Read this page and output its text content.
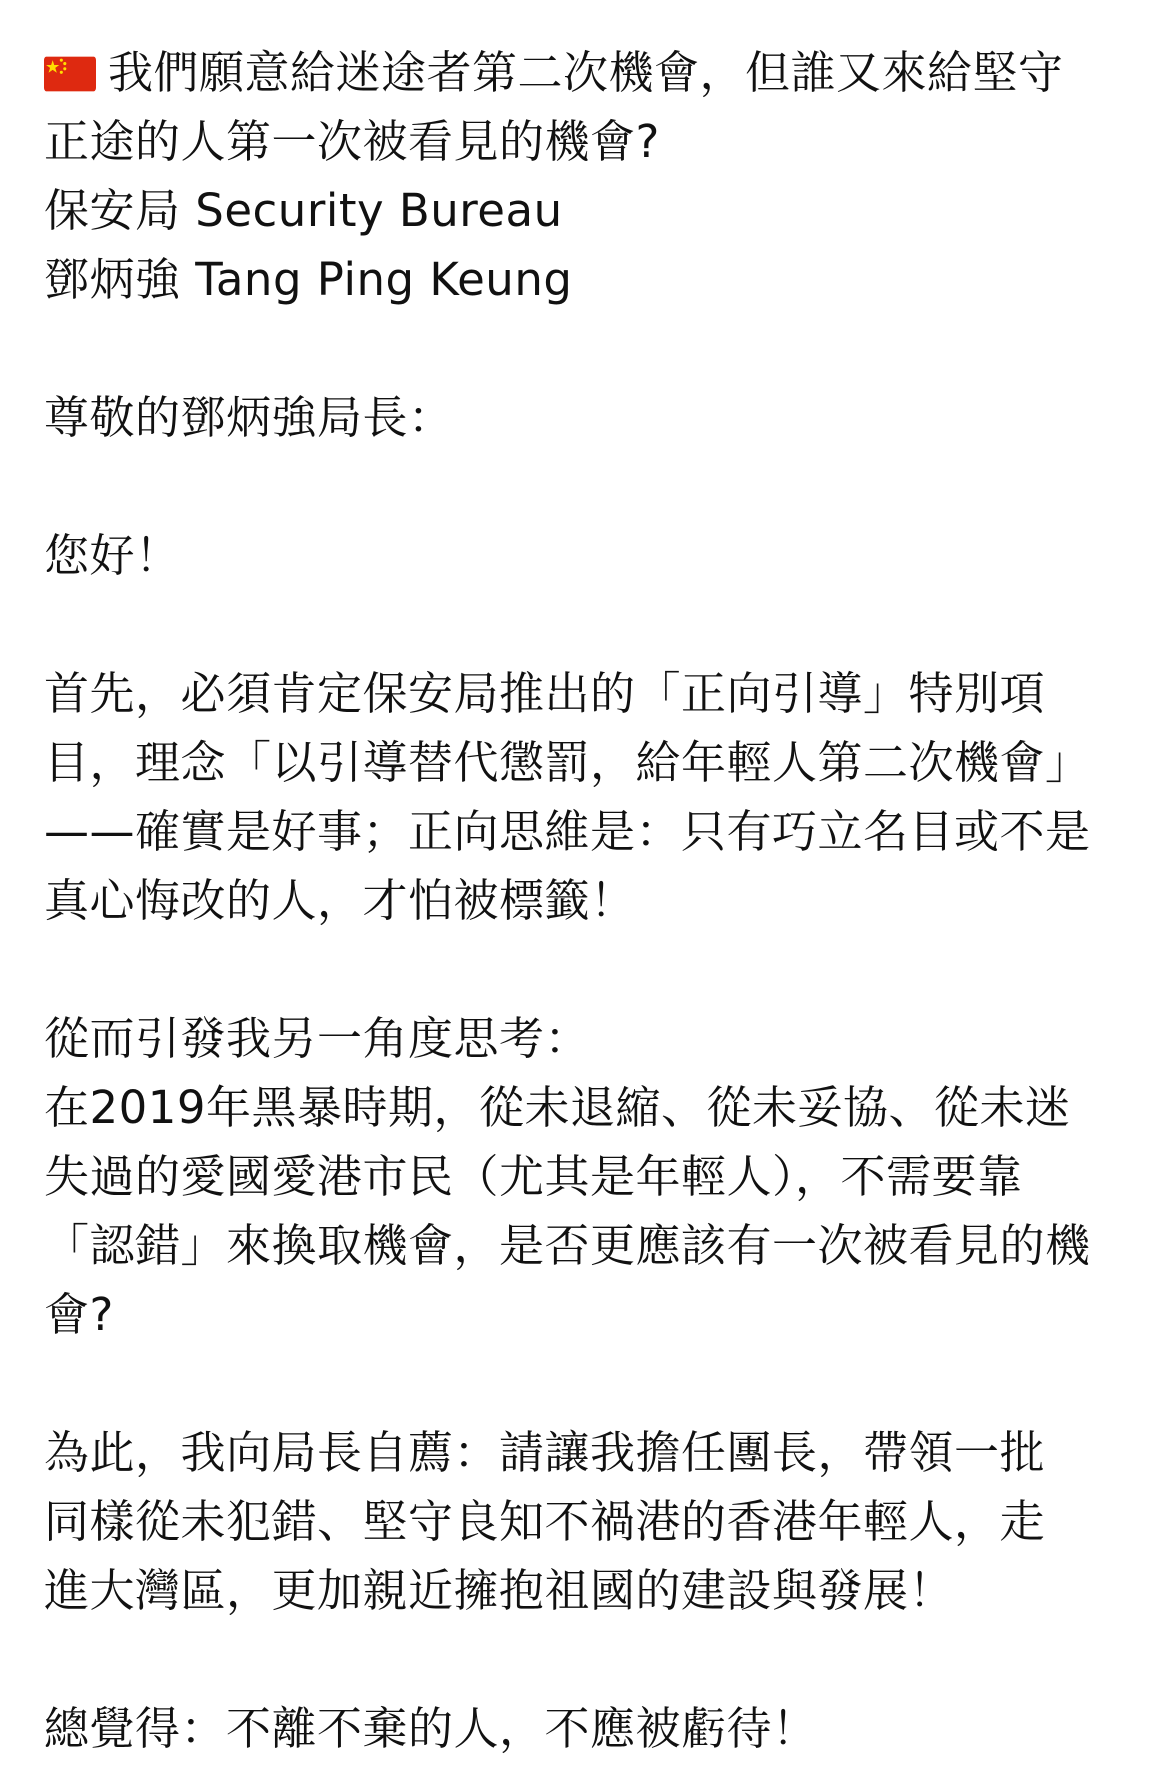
我們願意給迷途者第二次機會，但誰又來給堅守
正途的人第一次被看見的機會?
保安局 Security Bureau
鄧炳強 Tang Ping Keung
尊敬的鄧炳強局長：
您好！
首先，必須肯定保安局推出的「正向引導」特別項
目，理念「以引導替代懲罰，給年輕人第二次機會」
——確實是好事；正向思維是：只有巧立名目或不是
真心悔改的人，才怕被標籤！
從而引發我另一角度思考：
在2019年黑暴時期，從未退縮、從未妥協、從未迷
失過的愛國愛港市民（尤其是年輕人），不需要靠
「認錯」來換取機會，是否更應該有一次被看見的機
會?
為此，我向局長自薦：請讓我擔任團長，帶領一批
同樣從未犯錯、堅守良知不禍港的香港年輕人，走
進大灣區，更加親近擁抱祖國的建設與發展！
總覺得：不離不棄的人，不應被虧待！
